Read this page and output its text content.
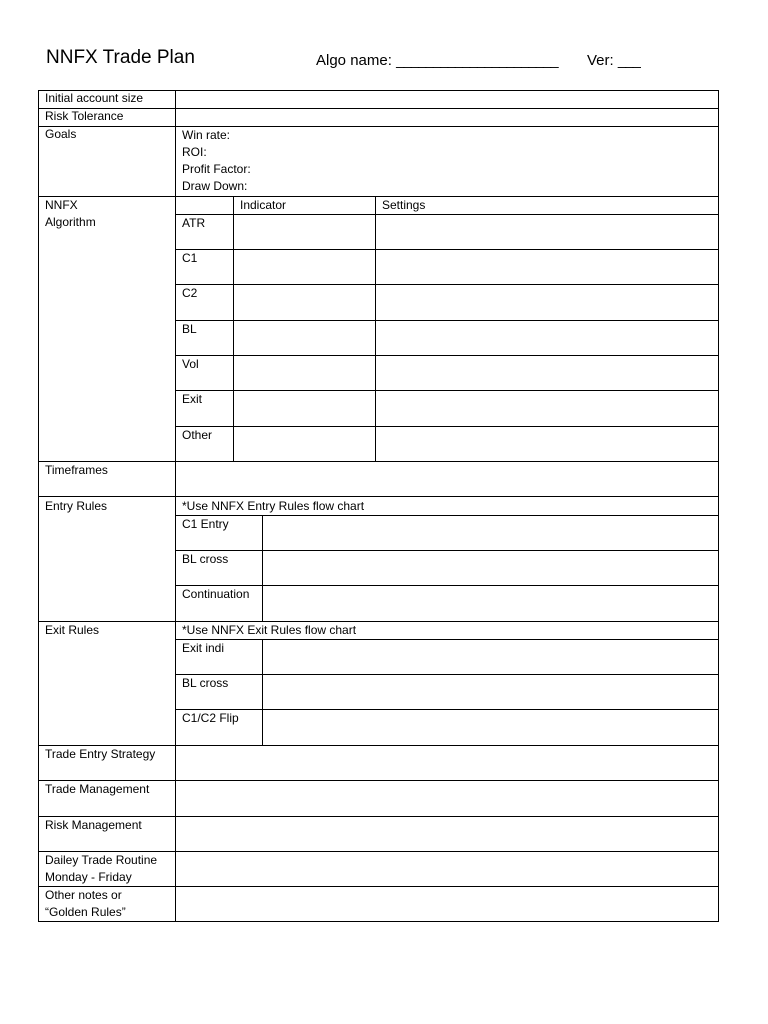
NNFX Trade Plan	Algo name: ______________________ Ver: ___
Initial account size
Risk Tolerance
Goals
NNFX
Algorithm
Timeframes
Entry Rules
Exit Rules
Trade Entry Strategy
Trade Management
Risk Management
Dailey Trade Routine
Monday - Friday
Other notes or
“Golden Rules”
Win rate:
ROI:
Profit Factor:
Draw Down:
Indicator	Settings
ATR
C1
C2
BL
Vol
Exit
Other
*Use NNFX Entry Rules flow chart
C1 Entry
BL cross
Continuation
*Use NNFX Exit Rules flow chart
Exit indi
BL cross
C1/C2 Flip
